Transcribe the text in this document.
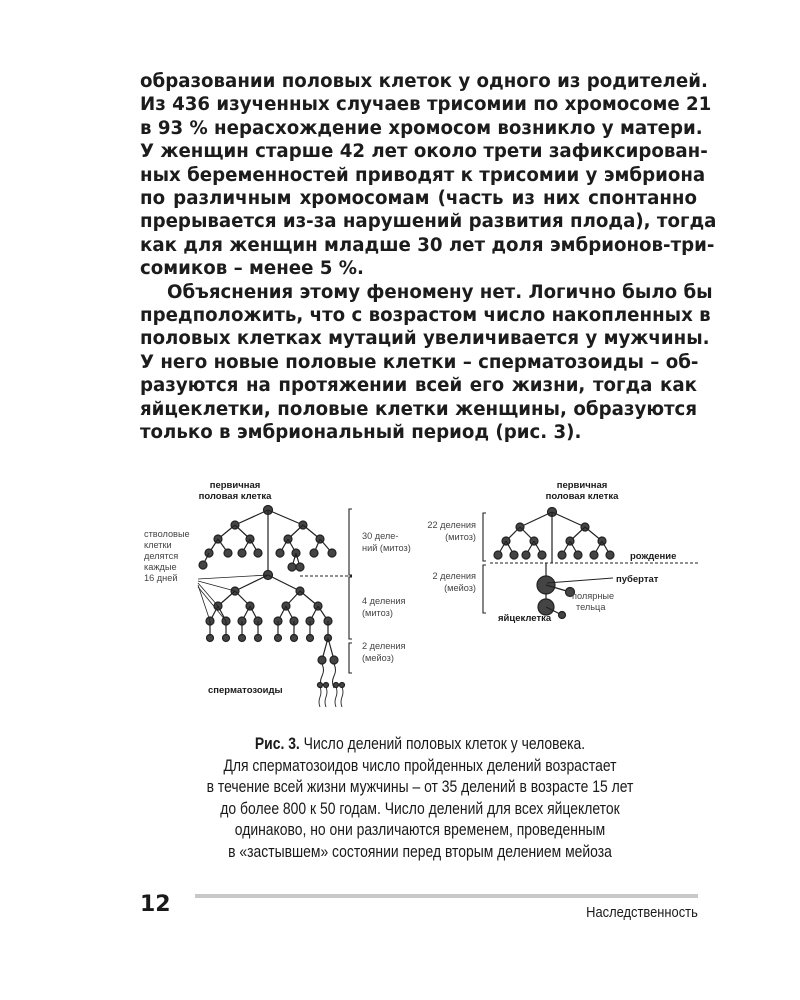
образовании половых клеток у одного из родителей.
Из 436 изученных случаев трисомии по хромосоме 21
в 93 % нерасхождение хромосом возникло у матери.
У женщин старше 42 лет около трети зафиксирован-
ных беременностей приводят к трисомии у эмбриона
по различным хромосомам (часть из них спонтанно
прерывается из-за нарушений развития плода), тогда
как для женщин младше 30 лет доля эмбрионов-три-
сомиков – менее 5 %.
Объяснения этому феномену нет. Логично было бы
предположить, что с возрастом число накопленных в
половых клетках мутаций увеличивается у мужчины.
У него новые половые клетки – сперматозоиды – об-
разуются на протяжении всей его жизни, тогда как
яйцеклетки, половые клетки женщины, образуются
только в эмбриональный период (рис. 3).
первичная
половая клетка
стволовые
клетки
делятся
каждые
16 дней
30 деле-
ний (митоз)
4 деления
(митоз)
2 деления
(мейоз)
сперматозоиды
первичная
половая клетка
22 деления
(митоз)
2 деления
(мейоз)
рождение
пубертат
полярные
тельца
яйцеклетка
Рис. 3. Число делений половых клеток у человека.
Для сперматозоидов число пройденных делений возрастает
в течение всей жизни мужчины – от 35 делений в возрасте 15 лет
до более 800 к 50 годам. Число делений для всех яйцеклеток
одинаково, но они различаются временем, проведенным
в «застывшем» состоянии перед вторым делением мейоза
12	Наследственность
